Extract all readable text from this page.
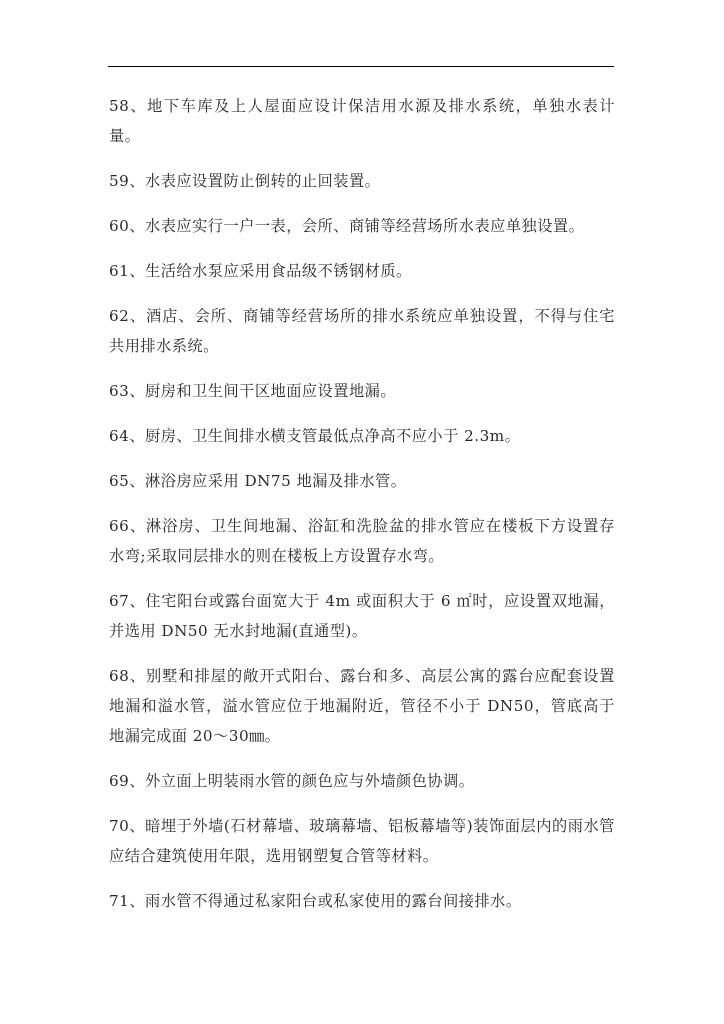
58、地下车库及上人屋面应设计保洁用水源及排水系统，单独水表计量。

59、水表应设置防止倒转的止回装置。

60、水表应实行一户一表，会所、商铺等经营场所水表应单独设置。

61、生活给水泵应采用食品级不锈钢材质。

62、酒店、会所、商铺等经营场所的排水系统应单独设置，不得与住宅共用排水系统。

63、厨房和卫生间干区地面应设置地漏。

64、厨房、卫生间排水横支管最低点净高不应小于 2.3m。

65、淋浴房应采用 DN75 地漏及排水管。

66、淋浴房、卫生间地漏、浴缸和洗脸盆的排水管应在楼板下方设置存水弯;采取同层排水的则在楼板上方设置存水弯。

67、住宅阳台或露台面宽大于 4m 或面积大于 6 ㎡时，应设置双地漏，并选用 DN50 无水封地漏(直通型)。

68、别墅和排屋的敞开式阳台、露台和多、高层公寓的露台应配套设置地漏和溢水管，溢水管应位于地漏附近，管径不小于 DN50，管底高于地漏完成面 20～30㎜。

69、外立面上明装雨水管的颜色应与外墙颜色协调。

70、暗埋于外墙(石材幕墙、玻璃幕墙、铝板幕墙等)装饰面层内的雨水管应结合建筑使用年限，选用钢塑复合管等材料。

71、雨水管不得通过私家阳台或私家使用的露台间接排水。
